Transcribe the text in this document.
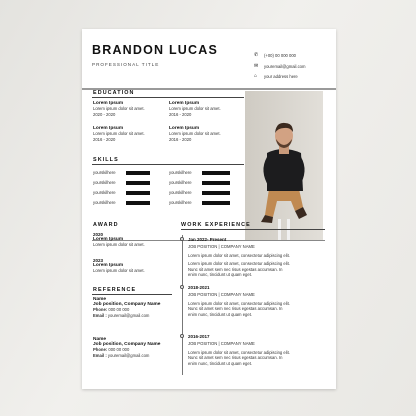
BRANDON LUCAS
PROFESSIONAL TITLE
✆	(+00) 00 000 000
✉	youremail@gmail.com
⌂	your address here
EDUCATION
Lorem Ipsum
Lorem ipsum dolor sit amet.
2020 - 2020
Lorem Ipsum
Lorem ipsum dolor sit amet.
2016 - 2020
Lorem Ipsum
Lorem ipsum dolor sit amet.
2016 - 2020
Lorem Ipsum
Lorem ipsum dolor sit amet.
2016 - 2020
SKILLS
AWARD
2020
Lorem Ipsum
Lorem ipsum dolor sit amet.
2023
Lorem Ipsum
Lorem ipsum dolor sit amet.
REFERENCE
Name
Job position, Company Name
Phone: 000 00 000
Email : youremail@gmail.com
Name
Job position, Company Name
Phone: 000 00 000
Email : youremail@gmail.com
WORK EXPERIENCE
Jan 2022- Present
JOB POSITION | COMPANY NAME
Lorem ipsum dolor sit amet, consectetur adipiscing elit.
Lorem ipsum dolor sit amet, consectetur adipiscing elit.
Nunc sit amet sem nec risus egestas accumsan. In
enim nunc, tincidunt ut quam eget.
2018-2021
JOB POSITION | COMPANY NAME
Lorem ipsum dolor sit amet, consectetur adipiscing elit.
Nunc sit amet sem nec risus egestas accumsan. In
enim nunc, tincidunt ut quam eget.
2016-2017
JOB POSITION | COMPANY NAME
Lorem ipsum dolor sit amet, consectetur adipiscing elit.
Nunc sit amet sem nec risus egestas accumsan. In
enim nunc, tincidunt ut quam eget.
yourskilhere
yourskilhere
yourskilhere
yourskilhere
yourskilhere
yourskilhere
yourskilhere
yourskilhere
